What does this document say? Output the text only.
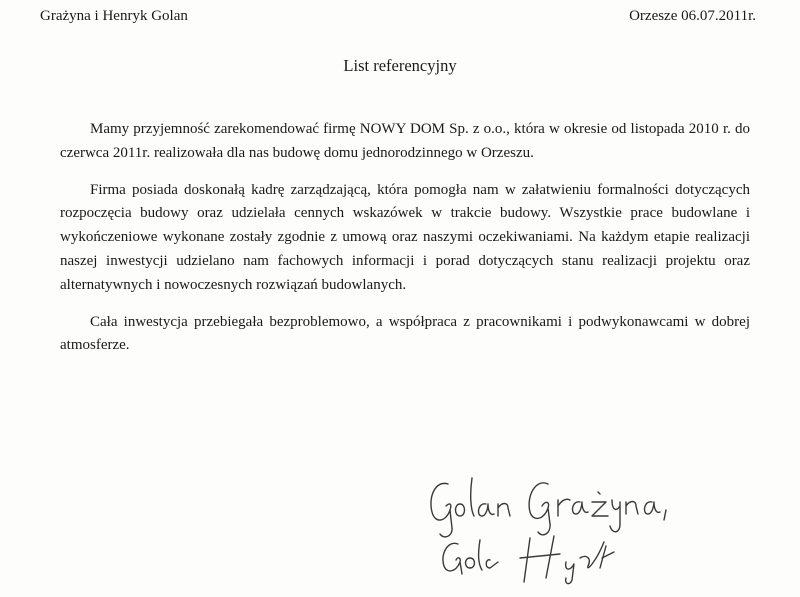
Grażyna i Henryk Golan	Orzesze 06.07.2011r.
List referencyjny

Mamy przyjemność zarekomendować firmę NOWY DOM Sp. z o.o., która w okresie od listopada 2010 r. do czerwca 2011r. realizowała dla nas budowę domu jednorodzinnego w Orzeszu.

Firma posiada doskonałą kadrę zarządzającą, która pomogła nam w załatwieniu formalności dotyczących rozpoczęcia budowy oraz udzielała cennych wskazówek w trakcie budowy. Wszystkie prace budowlane i wykończeniowe wykonane zostały zgodnie z umową oraz naszymi oczekiwaniami. Na każdym etapie realizacji naszej inwestycji udzielano nam fachowych informacji i porad dotyczących stanu realizacji projektu oraz alternatywnych i nowoczesnych rozwiązań budowlanych.

Cała inwestycja przebiegała bezproblemowo, a współpraca z pracownikami i podwykonawcami w dobrej atmosferze.
